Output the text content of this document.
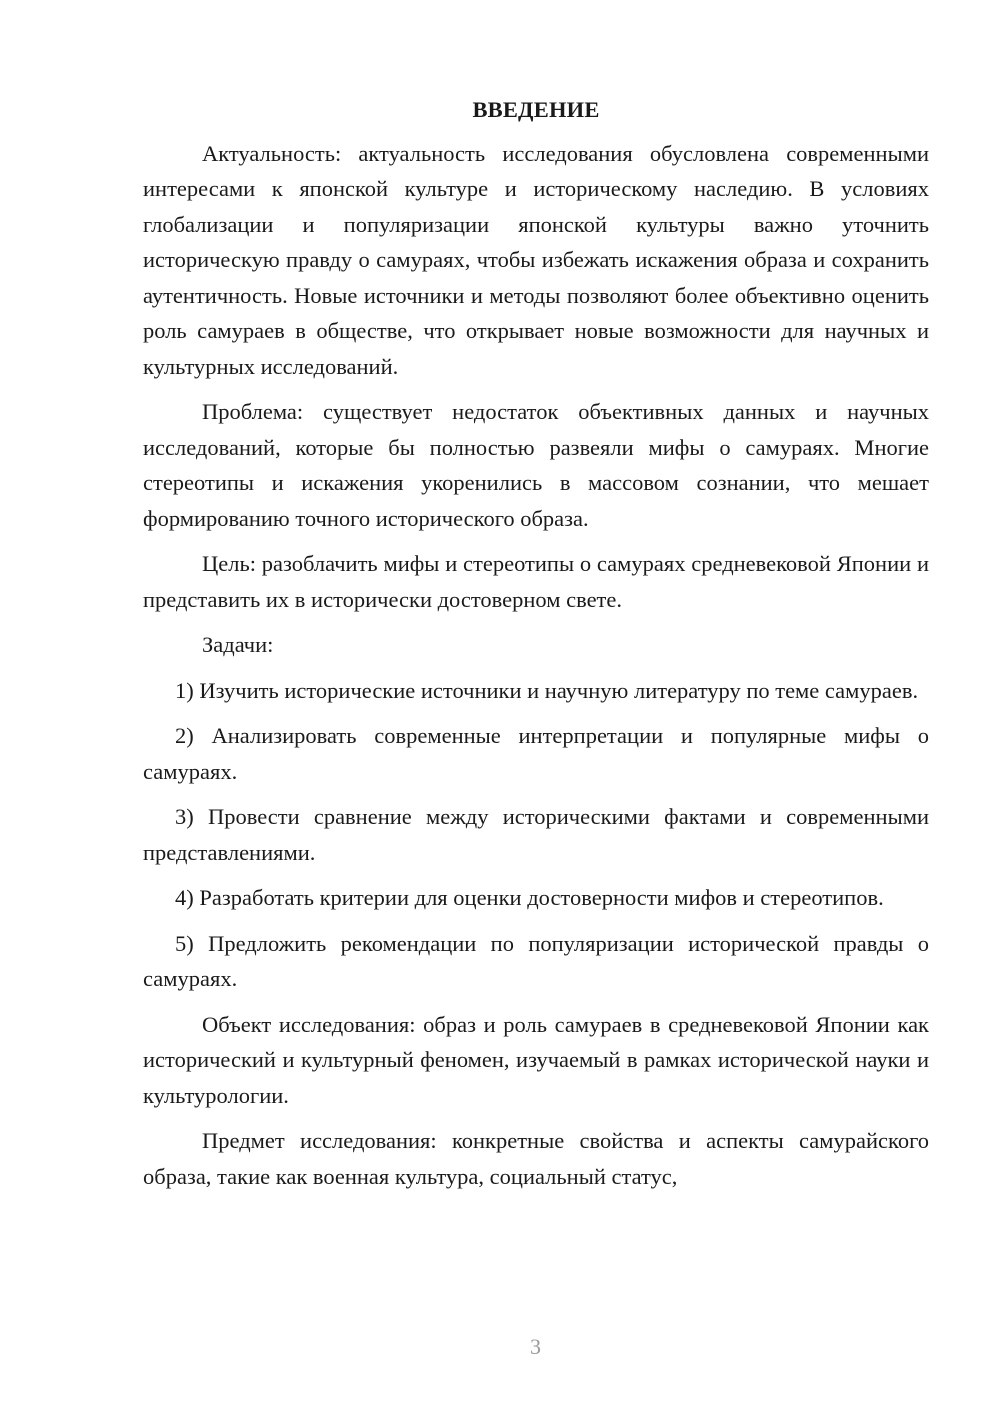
ВВЕДЕНИЕ

Актуальность: актуальность исследования обусловлена современными интересами к японской культуре и историческому наследию. В условиях глобализации и популяризации японской культуры важно уточнить историческую правду о самураях, чтобы избежать искажения образа и сохранить аутентичность. Новые источники и методы позволяют более объективно оценить роль самураев в обществе, что открывает новые возможности для научных и культурных исследований.

Проблема: существует недостаток объективных данных и научных исследований, которые бы полностью развеяли мифы о самураях. Многие стереотипы и искажения укоренились в массовом сознании, что мешает формированию точного исторического образа.

Цель: разоблачить мифы и стереотипы о самураях средневековой Японии и представить их в исторически достоверном свете.

Задачи:

1) Изучить исторические источники и научную литературу по теме самураев.

2) Анализировать современные интерпретации и популярные мифы о самураях.

3) Провести сравнение между историческими фактами и современными представлениями.

4) Разработать критерии для оценки достоверности мифов и стереотипов.

5) Предложить рекомендации по популяризации исторической правды о самураях.

Объект исследования: образ и роль самураев в средневековой Японии как исторический и культурный феномен, изучаемый в рамках исторической науки и культурологии.

Предмет исследования: конкретные свойства и аспекты самурайского образа, такие как военная культура, социальный статус,

3
